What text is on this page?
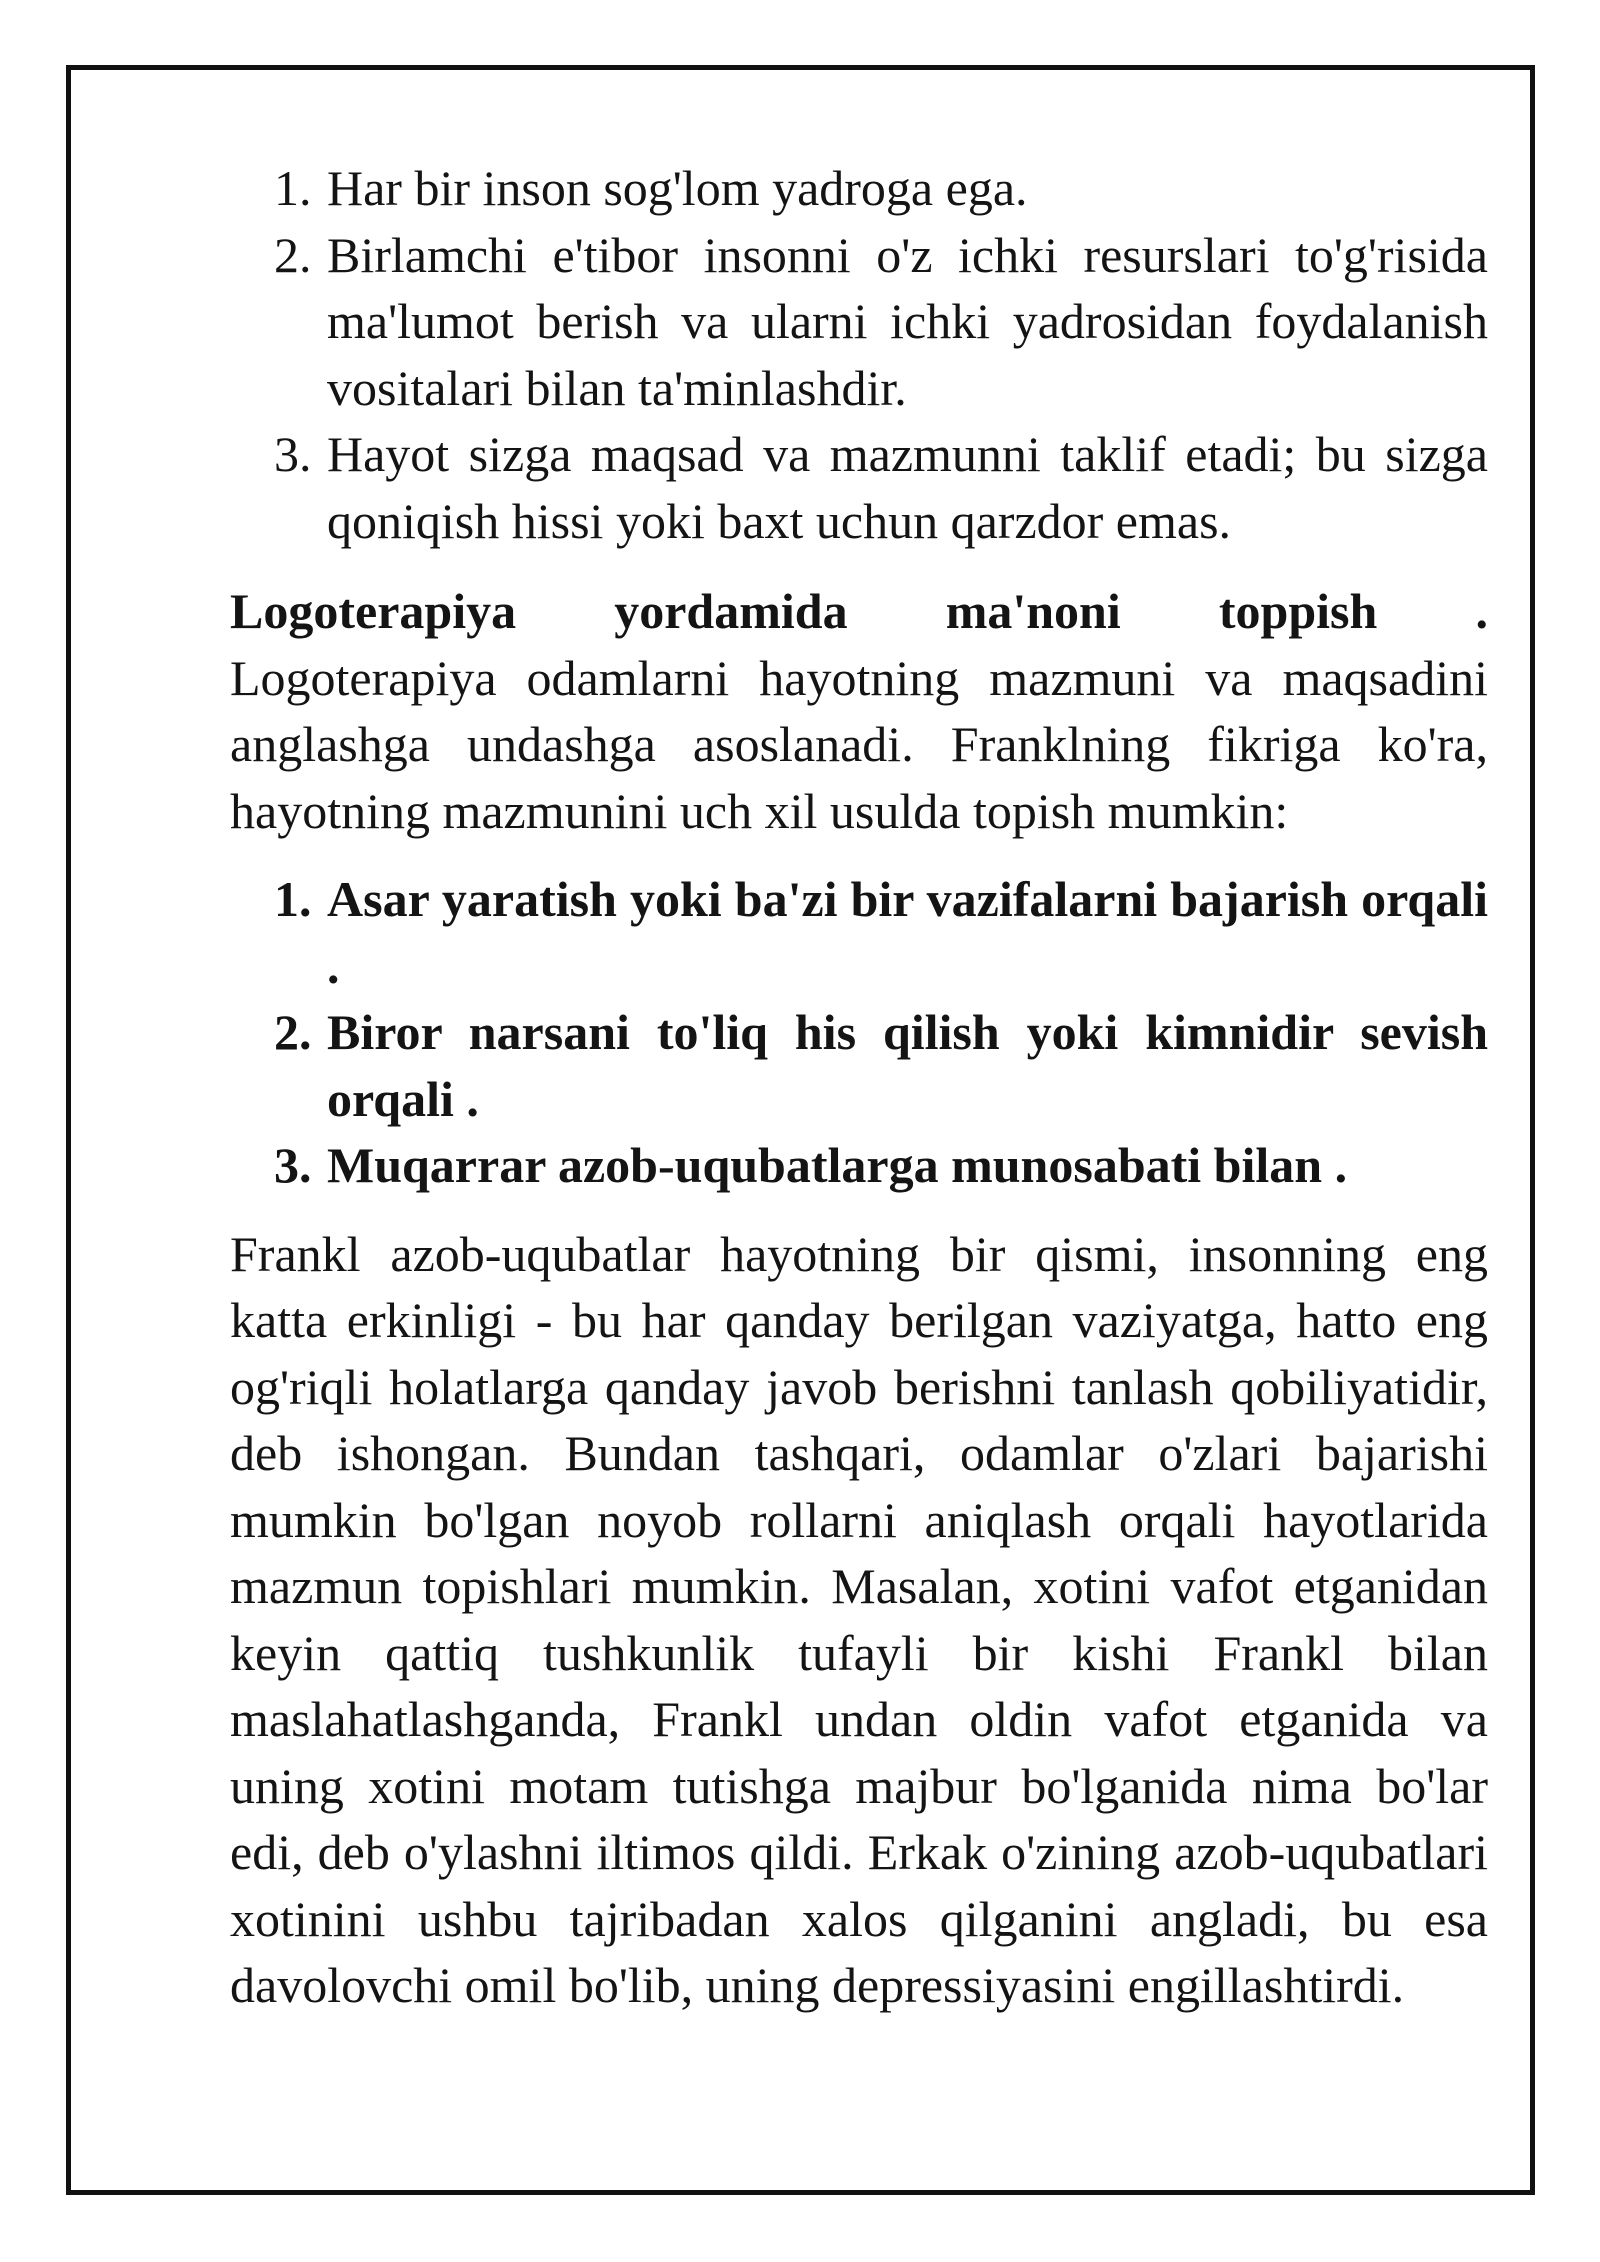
1. Har bir inson sog'lom yadroga ega.
2. Birlamchi e'tibor insonni o'z ichki resurslari to'g'risida ma'lumot berish va ularni ichki yadrosidan foydalanish vositalari bilan ta'minlashdir.
3. Hayot sizga maqsad va mazmunni taklif etadi; bu sizga qoniqish hissi yoki baxt uchun qarzdor emas.
Logoterapiya yordamida ma'noni toppish .

Logoterapiya odamlarni hayotning mazmuni va maqsadini anglashga undashga asoslanadi. Franklning fikriga ko'ra, hayotning mazmunini uch xil usulda topish mumkin:

1. Asar yaratish yoki ba'zi bir vazifalarni bajarish orqali .
2. Biror narsani to'liq his qilish yoki kimnidir sevish orqali .
3. Muqarrar azob-uqubatlarga munosabati bilan .

Frankl azob-uqubatlar hayotning bir qismi, insonning eng katta erkinligi - bu har qanday berilgan vaziyatga, hatto eng og'riqli holatlarga qanday javob berishni tanlash qobiliyatidir, deb ishongan. Bundan tashqari, odamlar o'zlari bajarishi mumkin bo'lgan noyob rollarni aniqlash orqali hayotlarida mazmun topishlari mumkin. Masalan, xotini vafot etganidan keyin qattiq tushkunlik tufayli bir kishi Frankl bilan maslahatlashganda, Frankl undan oldin vafot etganida va uning xotini motam tutishga majbur bo'lganida nima bo'lar edi, deb o'ylashni iltimos qildi. Erkak o'zining azob-uqubatlari xotinini ushbu tajribadan xalos qilganini angladi, bu esa davolovchi omil bo'lib, uning depressiyasini engillashtirdi.
